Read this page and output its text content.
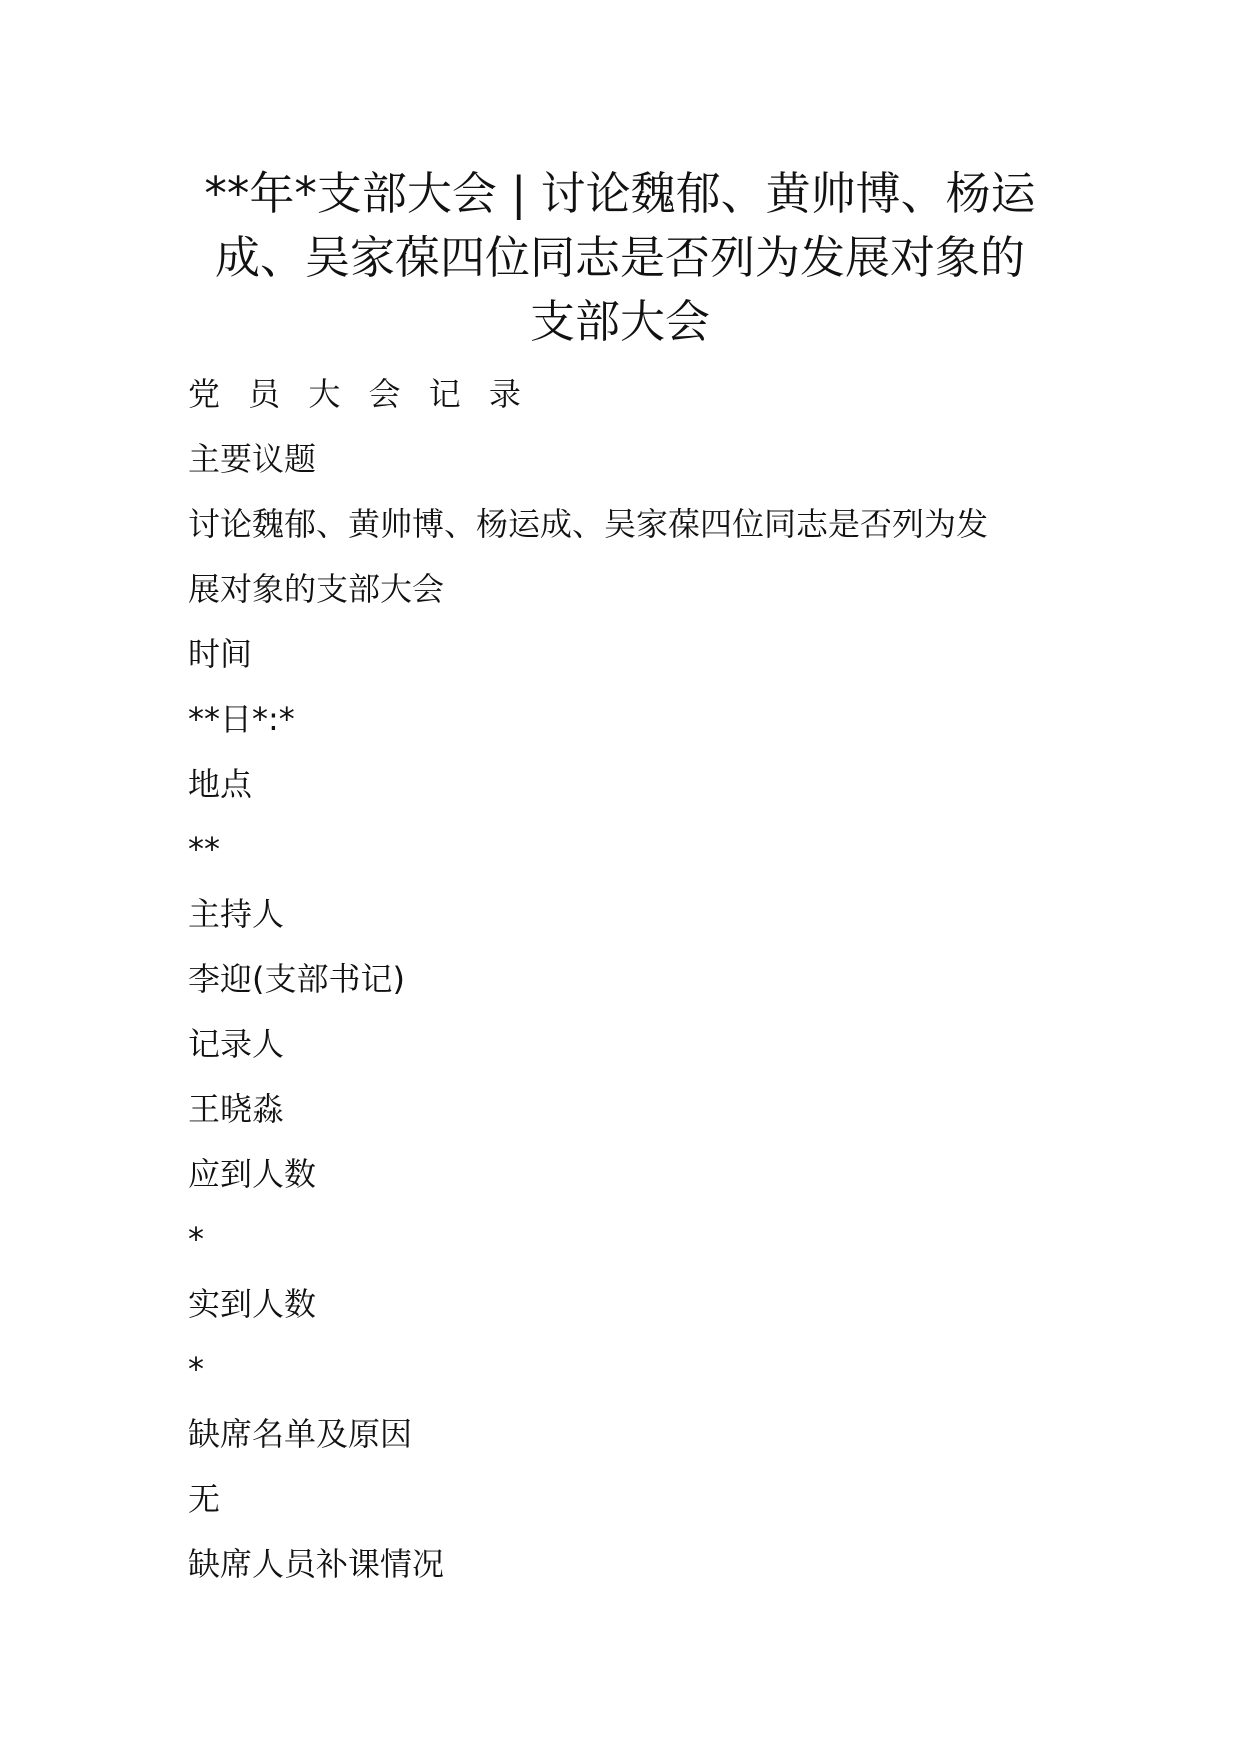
**年*支部大会 | 讨论魏郁、黄帅博、杨运
成、吴家葆四位同志是否列为发展对象的
支部大会
党 员 大 会 记 录
主要议题
讨论魏郁、黄帅博、杨运成、吴家葆四位同志是否列为发
展对象的支部大会
时间
**日*:*
地点
**
主持人
李迎(支部书记)
记录人
王晓淼
应到人数
*
实到人数
*
缺席名单及原因
无
缺席人员补课情况
